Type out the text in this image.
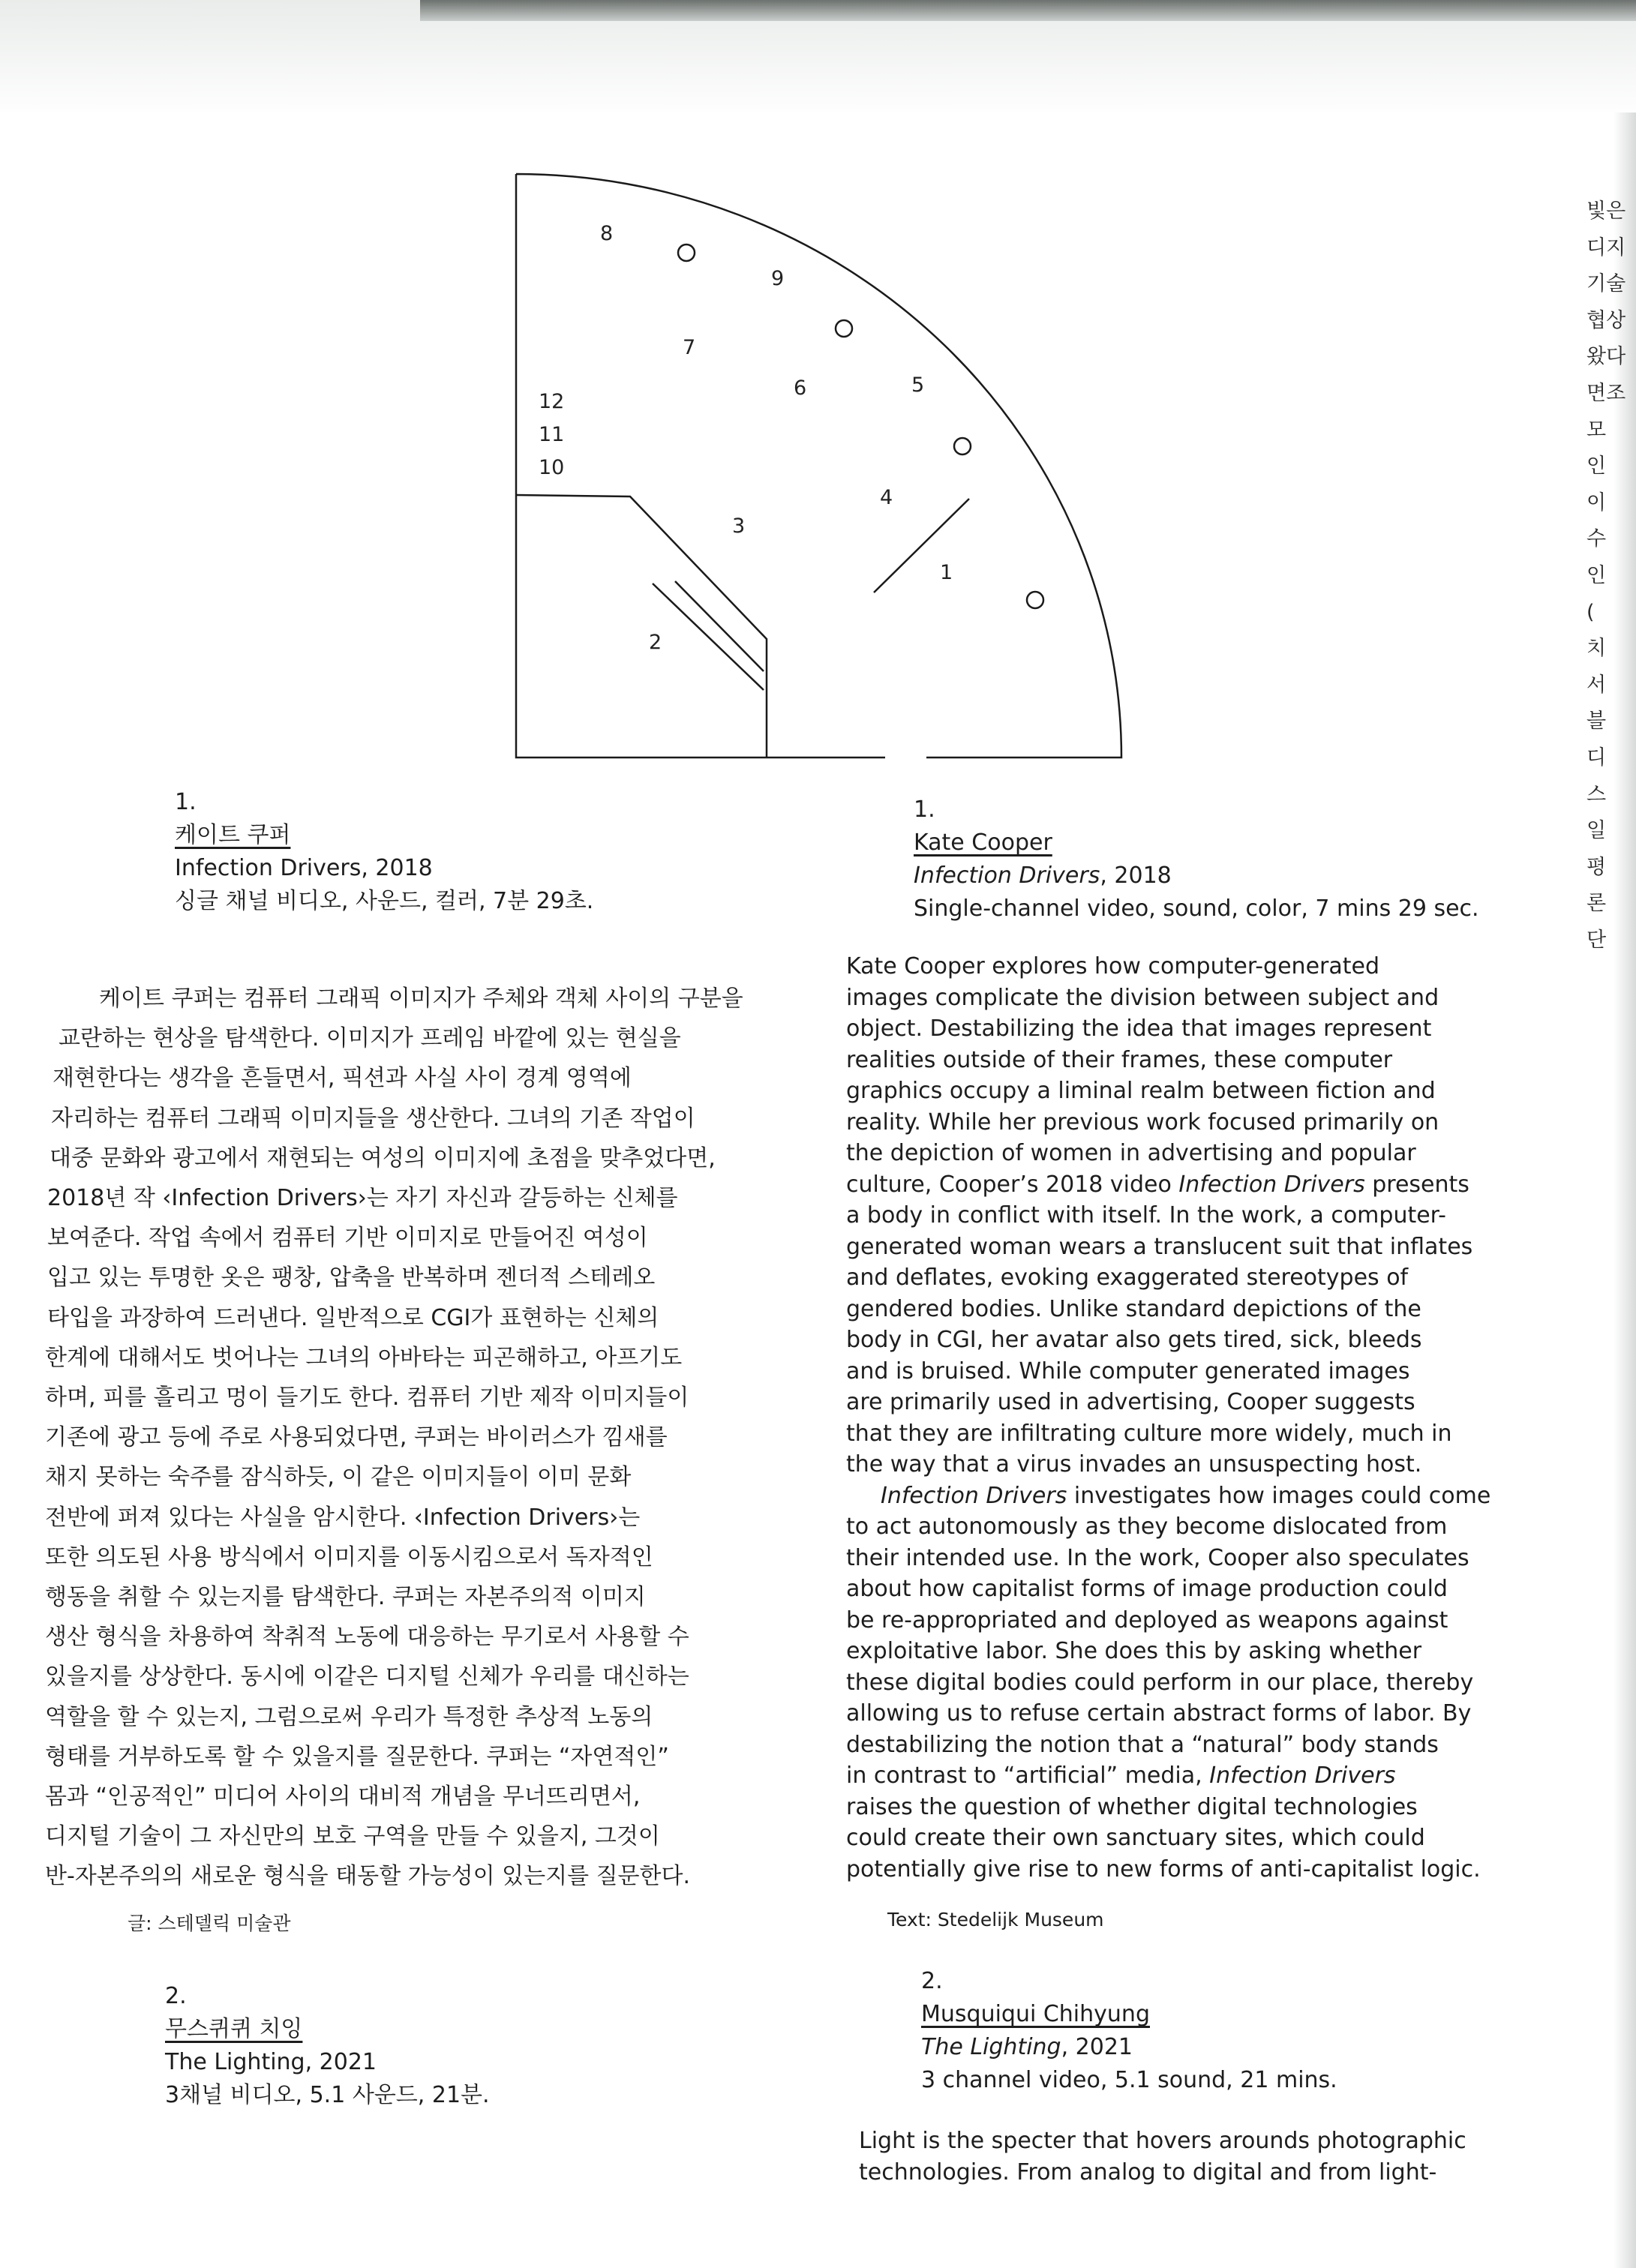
1
2
3
4
5
6
7
8
9
10
11
12
1.
케이트 쿠퍼
Infection Drivers, 2018
싱글 채널 비디오, 사운드, 컬러, 7분 29초.
1.
Kate Cooper
Infection Drivers, 2018
Single-channel video, sound, color, 7 mins 29 sec.
케이트 쿠퍼는 컴퓨터 그래픽 이미지가 주체와 객체 사이의 구분을
교란하는 현상을 탐색한다. 이미지가 프레임 바깥에 있는 현실을
재현한다는 생각을 흔들면서, 픽션과 사실 사이 경계 영역에
자리하는 컴퓨터 그래픽 이미지들을 생산한다. 그녀의 기존 작업이
대중 문화와 광고에서 재현되는 여성의 이미지에 초점을 맞추었다면,
2018년 작 ‹Infection Drivers›는 자기 자신과 갈등하는 신체를
보여준다. 작업 속에서 컴퓨터 기반 이미지로 만들어진 여성이
입고 있는 투명한 옷은 팽창, 압축을 반복하며 젠더적 스테레오
타입을 과장하여 드러낸다. 일반적으로 CGI가 표현하는 신체의
한계에 대해서도 벗어나는 그녀의 아바타는 피곤해하고, 아프기도
하며, 피를 흘리고 멍이 들기도 한다. 컴퓨터 기반 제작 이미지들이
기존에 광고 등에 주로 사용되었다면, 쿠퍼는 바이러스가 낌새를
채지 못하는 숙주를 잠식하듯, 이 같은 이미지들이 이미 문화
전반에 퍼져 있다는 사실을 암시한다. ‹Infection Drivers›는
또한 의도된 사용 방식에서 이미지를 이동시킴으로서 독자적인
행동을 취할 수 있는지를 탐색한다. 쿠퍼는 자본주의적 이미지
생산 형식을 차용하여 착취적 노동에 대응하는 무기로서 사용할 수
있을지를 상상한다. 동시에 이같은 디지털 신체가 우리를 대신하는
역할을 할 수 있는지, 그럼으로써 우리가 특정한 추상적 노동의
형태를 거부하도록 할 수 있을지를 질문한다. 쿠퍼는 “자연적인”
몸과 “인공적인” 미디어 사이의 대비적 개념을 무너뜨리면서,
디지털 기술이 그 자신만의 보호 구역을 만들 수 있을지, 그것이
반-자본주의의 새로운 형식을 태동할 가능성이 있는지를 질문한다.
글: 스테델릭 미술관
Kate Cooper explores how computer-generated
images complicate the division between subject and
object. Destabilizing the idea that images represent
realities outside of their frames, these computer
graphics occupy a liminal realm between fiction and
reality. While her previous work focused primarily on
the depiction of women in advertising and popular
culture, Cooper’s 2018 video Infection Drivers presents
a body in conflict with itself. In the work, a computer-
generated woman wears a translucent suit that inflates
and deflates, evoking exaggerated stereotypes of
gendered bodies. Unlike standard depictions of the
body in CGI, her avatar also gets tired, sick, bleeds
and is bruised. While computer generated images
are primarily used in advertising, Cooper suggests
that they are infiltrating culture more widely, much in
the way that a virus invades an unsuspecting host.
Infection Drivers investigates how images could come
to act autonomously as they become dislocated from
their intended use. In the work, Cooper also speculates
about how capitalist forms of image production could
be re-appropriated and deployed as weapons against
exploitative labor. She does this by asking whether
these digital bodies could perform in our place, thereby
allowing us to refuse certain abstract forms of labor. By
destabilizing the notion that a “natural” body stands
in contrast to “artificial” media, Infection Drivers
raises the question of whether digital technologies
could create their own sanctuary sites, which could
potentially give rise to new forms of anti-capitalist logic.
Text: Stedelijk Museum
2.
무스퀴퀴 치잉
The Lighting, 2021
3채널 비디오, 5.1 사운드, 21분.
2.
Musquiqui Chihyung
The Lighting, 2021
3 channel video, 5.1 sound, 21 mins.
Light is the specter that hovers arounds photographic
technologies. From analog to digital and from light-
빛은
디지
기술
협상
왔다
면조
모
인
이
수
인
(
치
서
블
디
스
일
평
론
단
